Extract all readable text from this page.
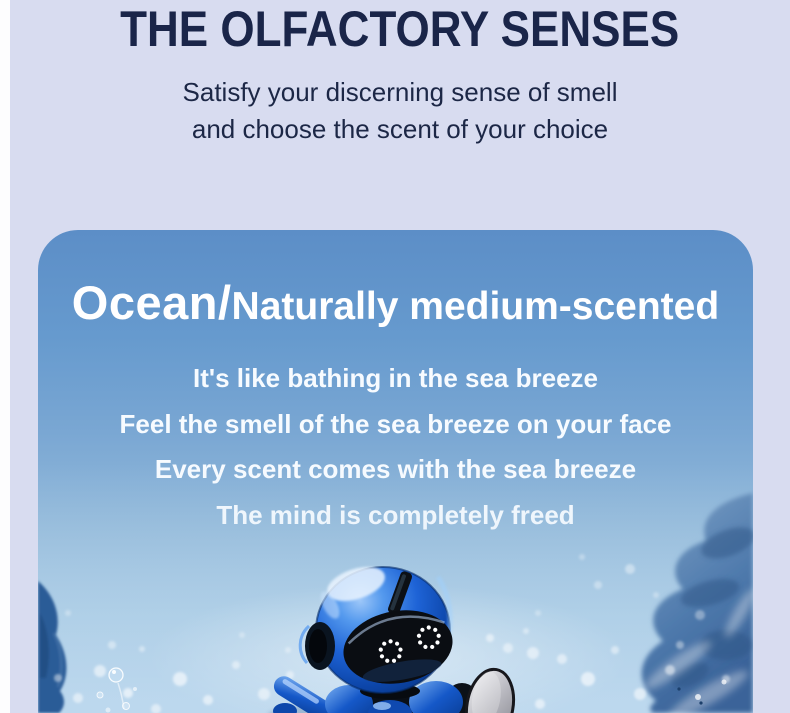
THE OLFACTORY SENSES

Satisfy your discerning sense of smell

and choose the scent of your choice

Ocean/Naturally medium-scented

It's like bathing in the sea breeze

Feel the smell of the sea breeze on your face
